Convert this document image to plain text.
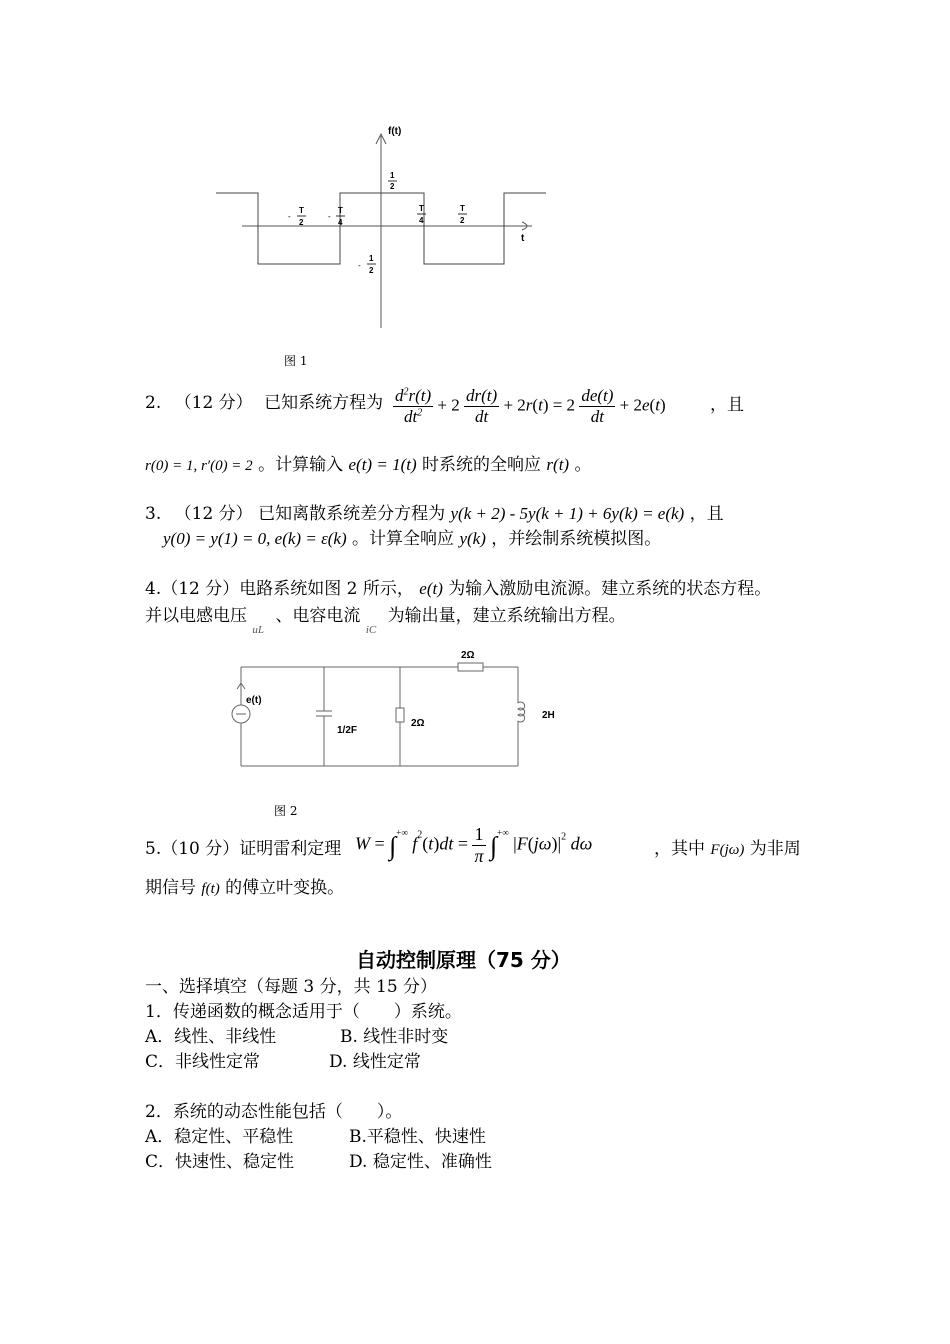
f(t)
t
1
2
-
1
2
-
T
2
-
T
4
T
4
T
2
图 1
2. （12 分） 已知系统方程为 $\frac{d^2r(t)}{dt^2} + 2 \frac{dr(t)}{dt} + 2r(t) = 2 \frac{de(t)}{dt} + 2e(t)$	，且
r(0) = 1, r′(0) = 2 。计算输入 e(t) = 1(t) 时系统的全响应 r(t) 。
3. （12 分） 已知离散系统差分方程为 y(k + 2) - 5y(k + 1) + 6y(k) = e(k) ，且
y(0) = y(1) = 0, e(k) = ε(k) 。计算全响应 y(k) ，并绘制系统模拟图。
4.（12 分）电路系统如图 2 所示， e(t) 为输入激励电流源。建立系统的状态方程。
并以电感电压 $_{uL}$ 、电容电流 $_{iC}$ 为输出量，建立系统输出方程。
e(t)
1/2F
2Ω
2Ω
2H
图 2
5.（10 分）证明雷利定理 W = ∫+∞ $f^2(t)dt = \frac{1}{\pi} \int^{+\infty}$ $|F(j\omega)|^2$ dω	，其中 F(jω) 为非周
期信号 f(t) 的傅立叶变换。
自动控制原理（75 分）
一、选择填空（每题 3 分，共 15 分）
1．传递函数的概念适用于（　　）系统。
A．线性、非线性	B. 线性非时变
C．非线性定常	D. 线性定常
2．系统的动态性能包括（　　）。
A．稳定性、平稳性	B.平稳性、快速性
C．快速性、稳定性	D. 稳定性、准确性
